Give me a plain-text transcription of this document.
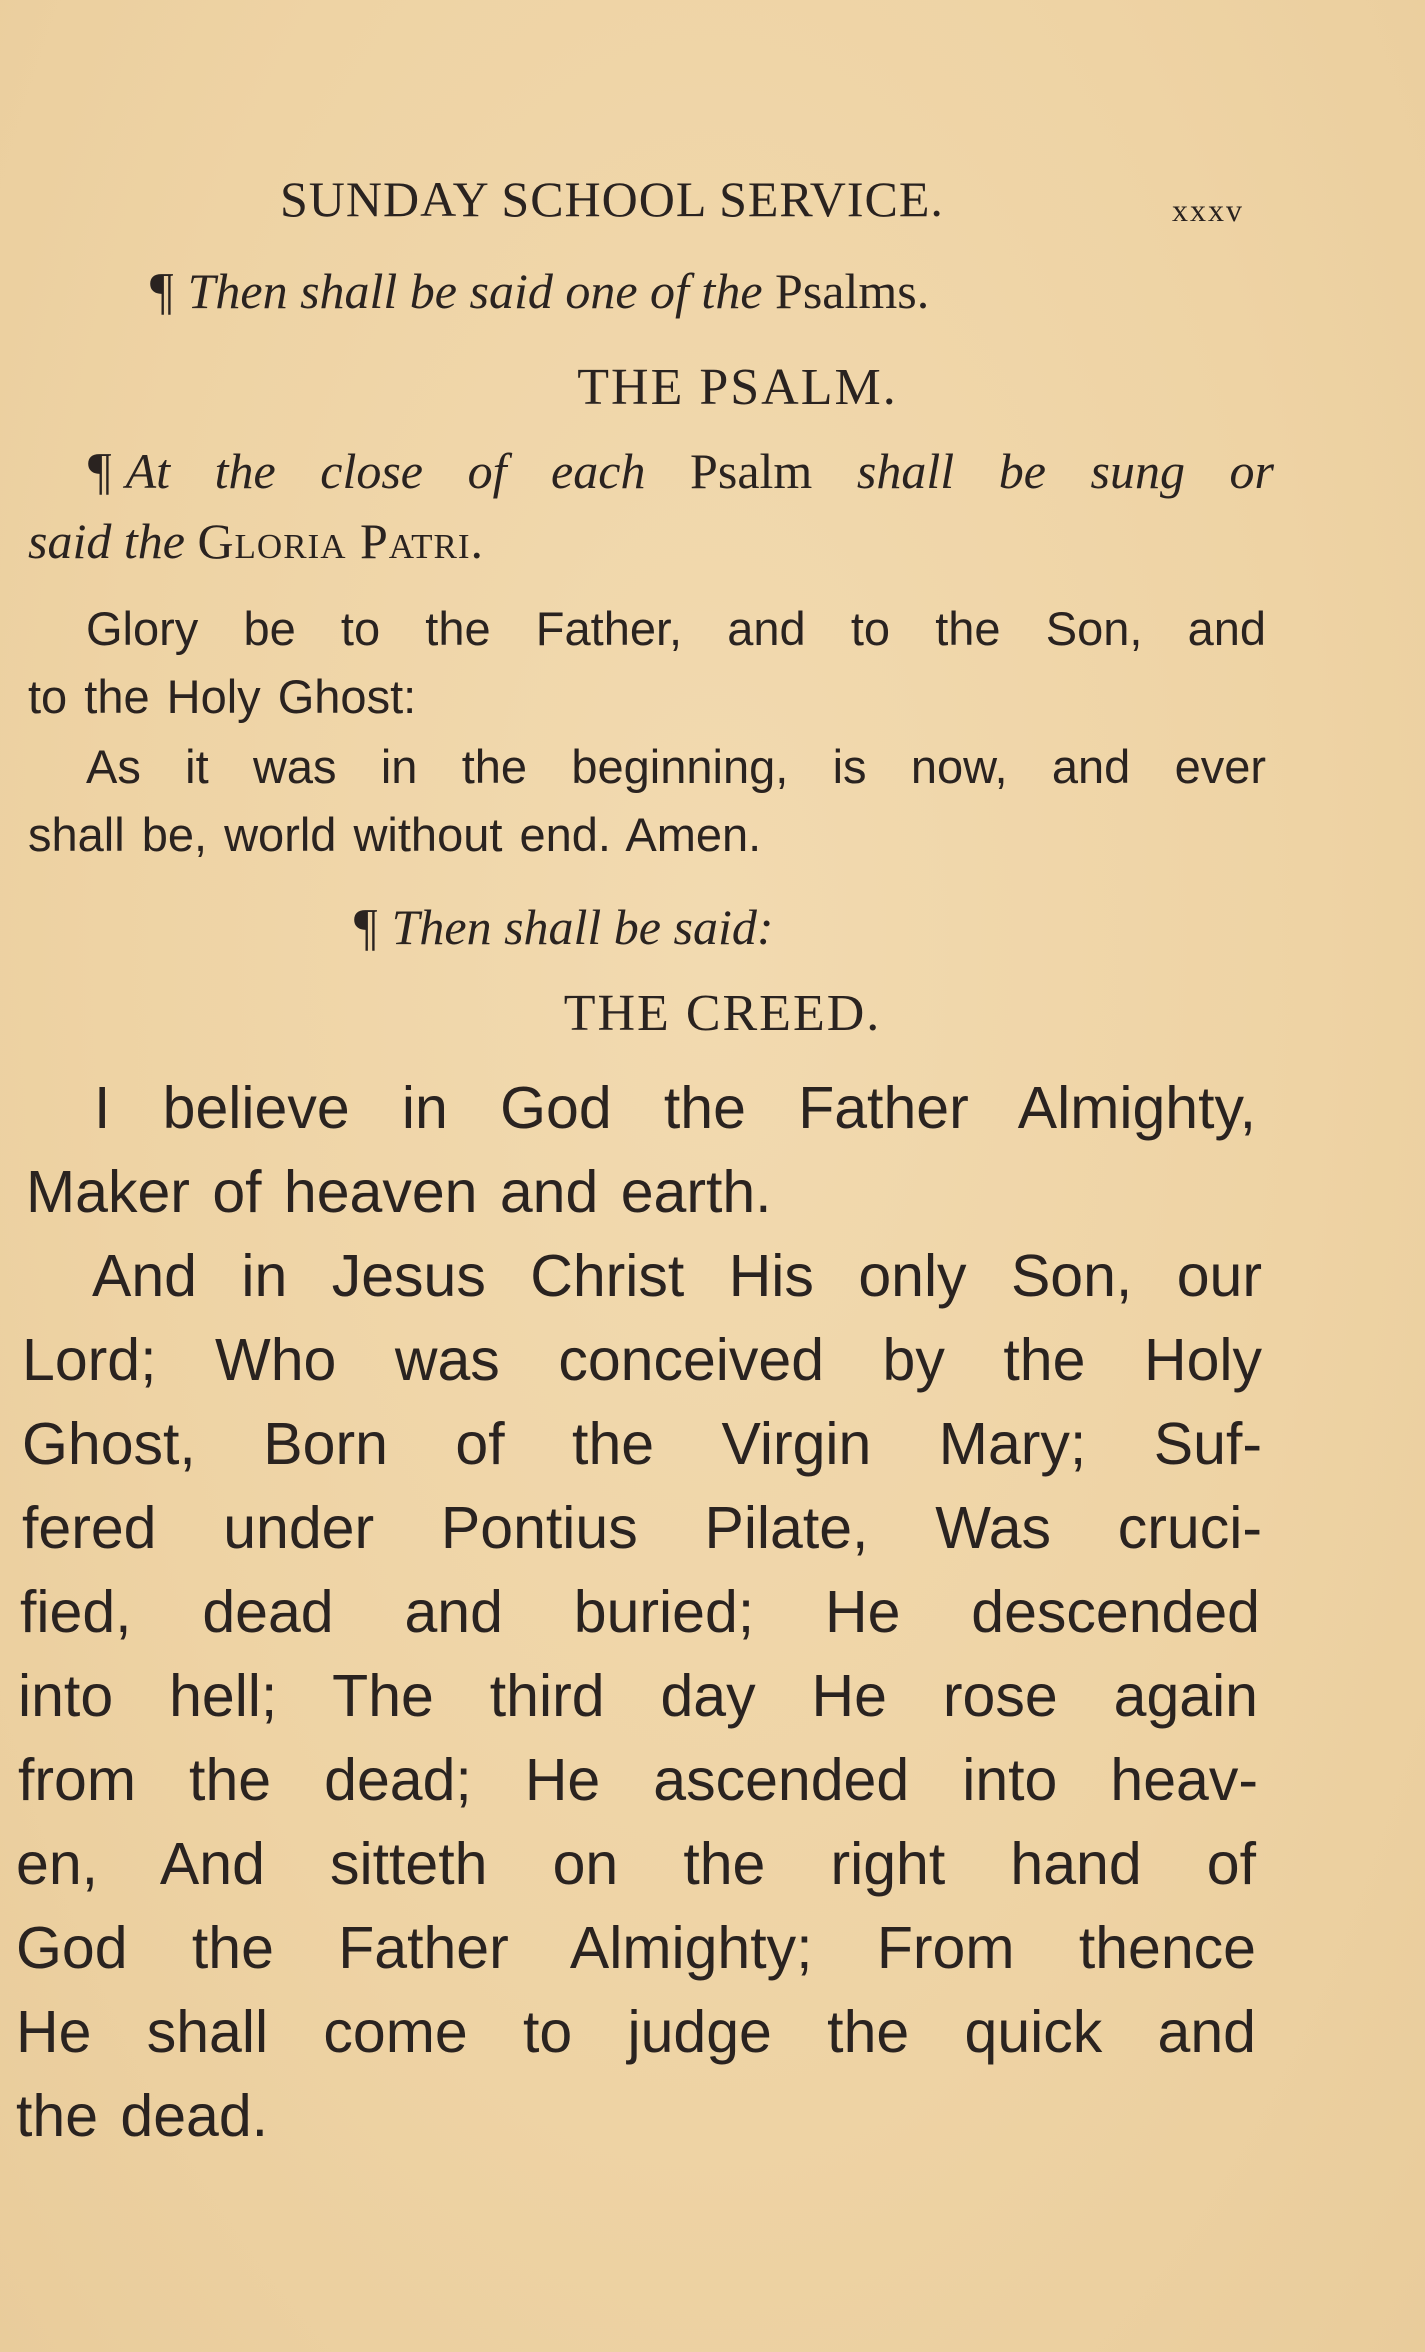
SUNDAY SCHOOL SERVICE.	xxxv
¶ Then shall be said one of the Psalms.
THE PSALM.
¶ At the close of each Psalm shall be sung or
said the Gloria Patri.
Glory be to the Father, and to the Son, and
to the Holy Ghost:
As it was in the beginning, is now, and ever
shall be, world without end. Amen.
¶ Then shall be said:
THE CREED.
I believe in God the Father Almighty,
Maker of heaven and earth.
And in Jesus Christ His only Son, our
Lord; Who was conceived by the Holy
Ghost, Born of the Virgin Mary; Suf-
fered under Pontius Pilate, Was cruci-
fied, dead and buried; He descended
into hell; The third day He rose again
from the dead; He ascended into heav-
en, And sitteth on the right hand of
God the Father Almighty; From thence
He shall come to judge the quick and
the dead.
